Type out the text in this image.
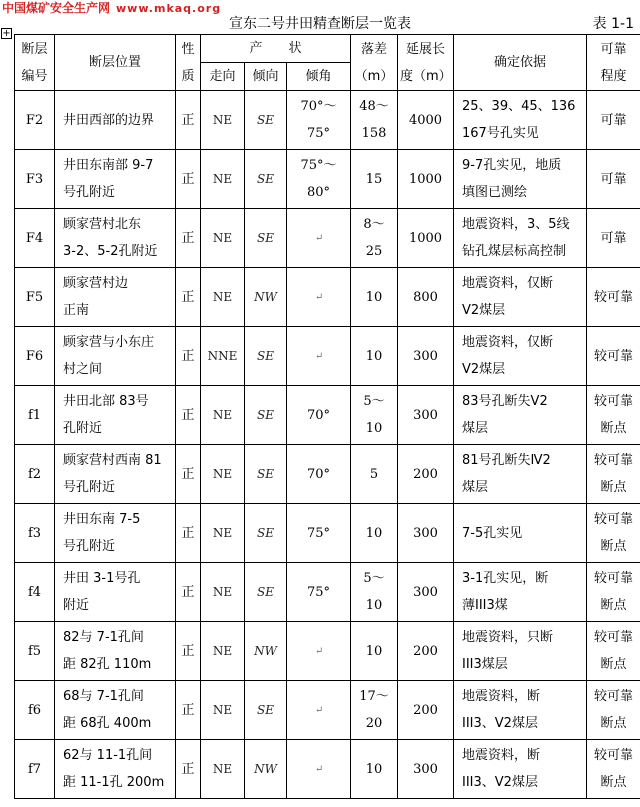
中国煤矿安全生产网 www.mkaq.org
宣东二号井田精查断层一览表	表 1-1
+
断层
编号	断层位置	性
质	产　　状			落差
（m）	延展长
度（m）	确定依据	可靠
程度

			走向	倾向	倾角				
F2	井田西部的边界	正	NE	SE	70°～
75°	48～
158	4000	25、39、45、136
167号孔实见	可靠

F3	井田东南部 9-7
号孔附近	正	NE	SE	75°～
80°	15	1000	9-7孔实见，地质
填图已测绘	可靠

F4	顾家营村北东
3-2、5-2孔附近	正	NE	SE	↵	8～
25	1000	地震资料，3、5线
钻孔煤层标高控制	可靠

F5	顾家营村边
正南	正	NE	NW	↵	10	800	地震资料，仅断
Ⅴ2煤层	较可靠

F6	顾家营与小东庄
村之间	正	NNE	SE	↵	10	300	地震资料，仅断
Ⅴ2煤层	较可靠

f1	井田北部 83号
孔附近	正	NE	SE	70°	5～
10	300	83号孔断失Ⅴ2
煤层	较可靠
断点

f2	顾家营村西南 81
号孔附近	正	NE	SE	70°	5	200	81号孔断失Ⅳ2
煤层	较可靠
断点

f3	井田东南 7-5
号孔附近	正	NE	SE	75°	10	300	7-5孔实见	较可靠
断点

f4	井田 3-1号孔
附近	正	NE	SE	75°	5～
10	300	3-1孔实见，断
薄III3煤	较可靠
断点

f5	82与 7-1孔间
距 82孔 110m	正	NE	NW	↵	10	200	地震资料，只断
III3煤层	较可靠
断点

f6	68与 7-1孔间
距 68孔 400m	正	NE	SE	↵	17～
20	200	地震资料，断
III3、Ⅴ2煤层	较可靠
断点

f7	62与 11-1孔间
距 11-1孔 200m	正	NE	NW	↵	10	300	地震资料，断
III3、Ⅴ2煤层	较可靠
断点
